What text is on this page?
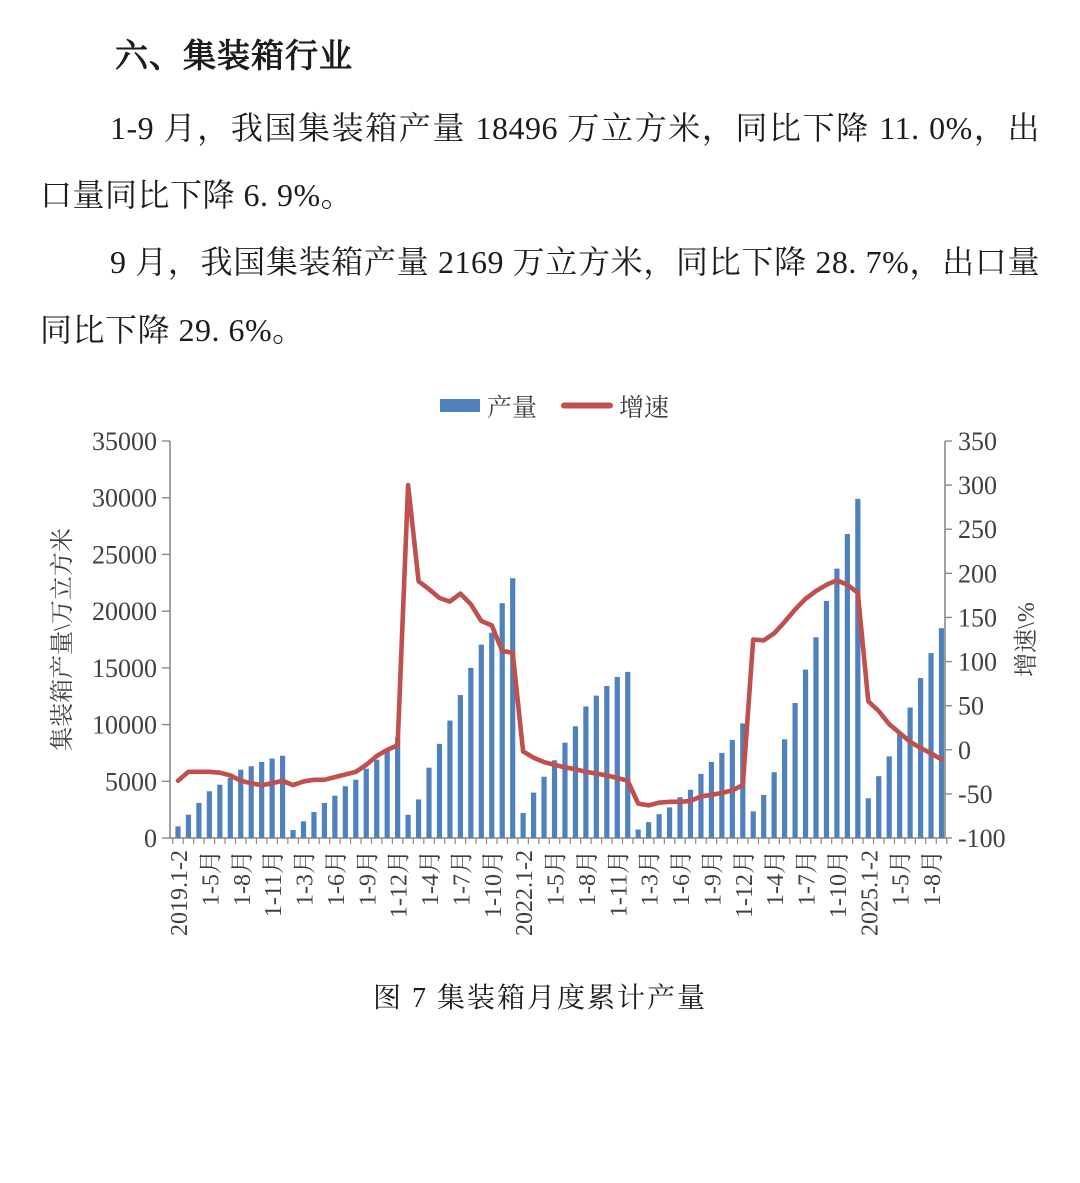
六、集装箱行业

1-9 月，我国集装箱产量 18496 万立方米，同比下降 11. 0%，出口量同比下降 6. 9%。

9 月，我国集装箱产量 2169 万立方米，同比下降 28. 7%，出口量同比下降 29. 6%。

产量	增速
0
5000
10000
15000
20000
25000
30000
35000
-100
-50
0
50
100
150
200
250
300
350
集装箱产量\万立方米	增速\%
2019.1-2 1-5月 1-8月 1-11月 1-3月 1-6月 1-9月 1-12月 1-4月 1-7月 1-10月 2022.1-2 1-5月 1-8月 1-11月 1-3月 1-6月 1-9月 1-12月 1-4月 1-7月 1-10月 2025.1-2 1-5月 1-8月
图 7 集装箱月度累计产量
